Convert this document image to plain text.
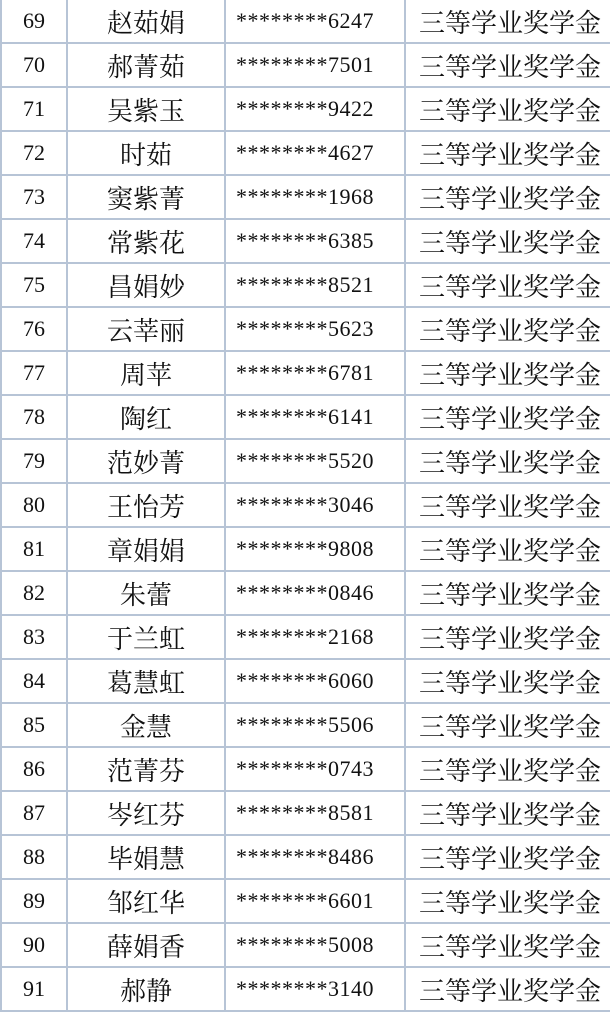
69	赵茹娟	********6247	三等学业奖学金
70	郝菁茹	********7501	三等学业奖学金
71	吴紫玉	********9422	三等学业奖学金
72	时茹	********4627	三等学业奖学金
73	窦紫菁	********1968	三等学业奖学金
74	常紫花	********6385	三等学业奖学金
75	昌娟妙	********8521	三等学业奖学金
76	云莘丽	********5623	三等学业奖学金
77	周苹	********6781	三等学业奖学金
78	陶红	********6141	三等学业奖学金
79	范妙菁	********5520	三等学业奖学金
80	王怡芳	********3046	三等学业奖学金
81	章娟娟	********9808	三等学业奖学金
82	朱蕾	********0846	三等学业奖学金
83	于兰虹	********2168	三等学业奖学金
84	葛慧虹	********6060	三等学业奖学金
85	金慧	********5506	三等学业奖学金
86	范菁芬	********0743	三等学业奖学金
87	岑红芬	********8581	三等学业奖学金
88	毕娟慧	********8486	三等学业奖学金
89	邹红华	********6601	三等学业奖学金
90	薛娟香	********5008	三等学业奖学金
91	郝静	********3140	三等学业奖学金
